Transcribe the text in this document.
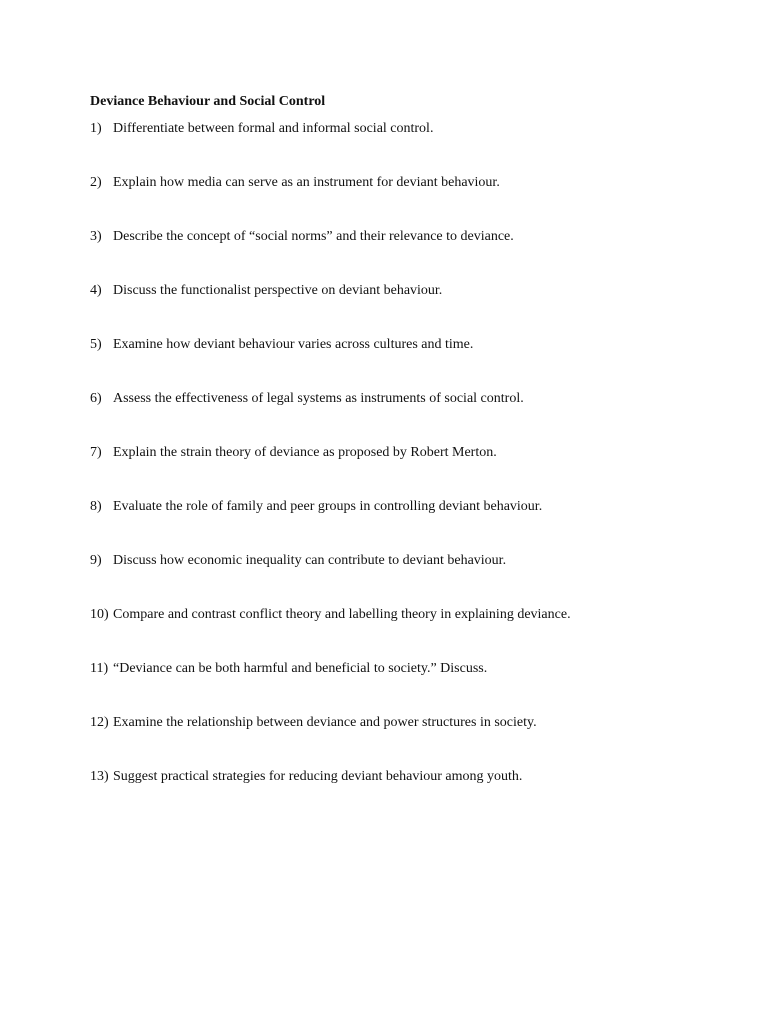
Deviance Behaviour and Social Control
1) Differentiate between formal and informal social control.
2) Explain how media can serve as an instrument for deviant behaviour.
3) Describe the concept of “social norms” and their relevance to deviance.
4) Discuss the functionalist perspective on deviant behaviour.
5) Examine how deviant behaviour varies across cultures and time.
6) Assess the effectiveness of legal systems as instruments of social control.
7) Explain the strain theory of deviance as proposed by Robert Merton.
8) Evaluate the role of family and peer groups in controlling deviant behaviour.
9) Discuss how economic inequality can contribute to deviant behaviour.
10) Compare and contrast conflict theory and labelling theory in explaining deviance.
11) “Deviance can be both harmful and beneficial to society.” Discuss.
12) Examine the relationship between deviance and power structures in society.
13) Suggest practical strategies for reducing deviant behaviour among youth.
